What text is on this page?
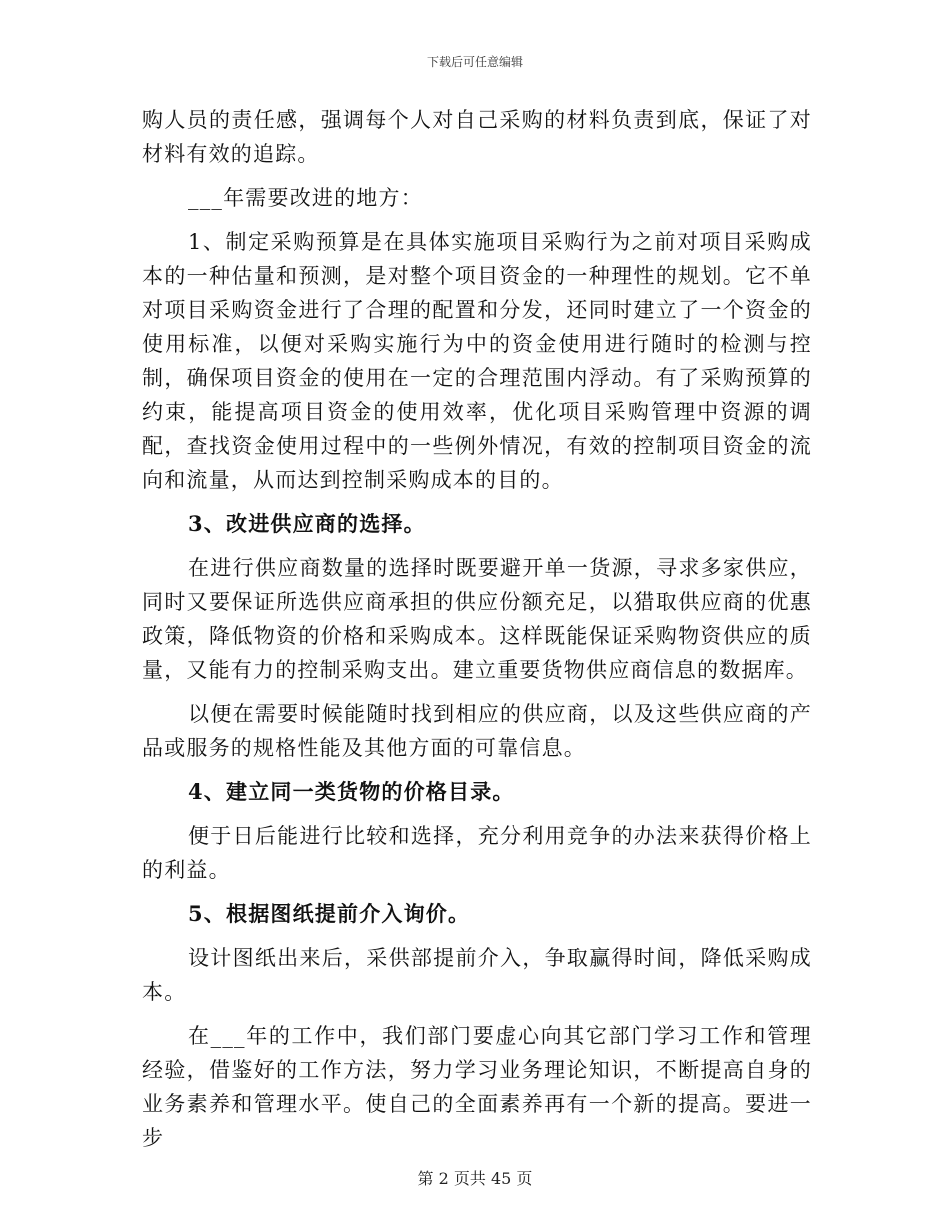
下载后可任意编辑

购人员的责任感，强调每个人对自己采购的材料负责到底，保证了对材料有效的追踪。

___年需要改进的地方：

1、制定采购预算是在具体实施项目采购行为之前对项目采购成本的一种估量和预测，是对整个项目资金的一种理性的规划。它不单对项目采购资金进行了合理的配置和分发，还同时建立了一个资金的使用标准，以便对采购实施行为中的资金使用进行随时的检测与控制，确保项目资金的使用在一定的合理范围内浮动。有了采购预算的约束，能提高项目资金的使用效率，优化项目采购管理中资源的调配，查找资金使用过程中的一些例外情况，有效的控制项目资金的流向和流量，从而达到控制采购成本的目的。

3、改进供应商的选择。

在进行供应商数量的选择时既要避开单一货源，寻求多家供应，同时又要保证所选供应商承担的供应份额充足，以猎取供应商的优惠政策，降低物资的价格和采购成本。这样既能保证采购物资供应的质量，又能有力的控制采购支出。建立重要货物供应商信息的数据库。

以便在需要时候能随时找到相应的供应商，以及这些供应商的产品或服务的规格性能及其他方面的可靠信息。

4、建立同一类货物的价格目录。

便于日后能进行比较和选择，充分利用竞争的办法来获得价格上的利益。

5、根据图纸提前介入询价。

设计图纸出来后，采供部提前介入，争取赢得时间，降低采购成本。

在___年的工作中，我们部门要虚心向其它部门学习工作和管理经验，借鉴好的工作方法，努力学习业务理论知识，不断提高自身的业务素养和管理水平。使自己的全面素养再有一个新的提高。要进一步

第 2 页共 45 页
